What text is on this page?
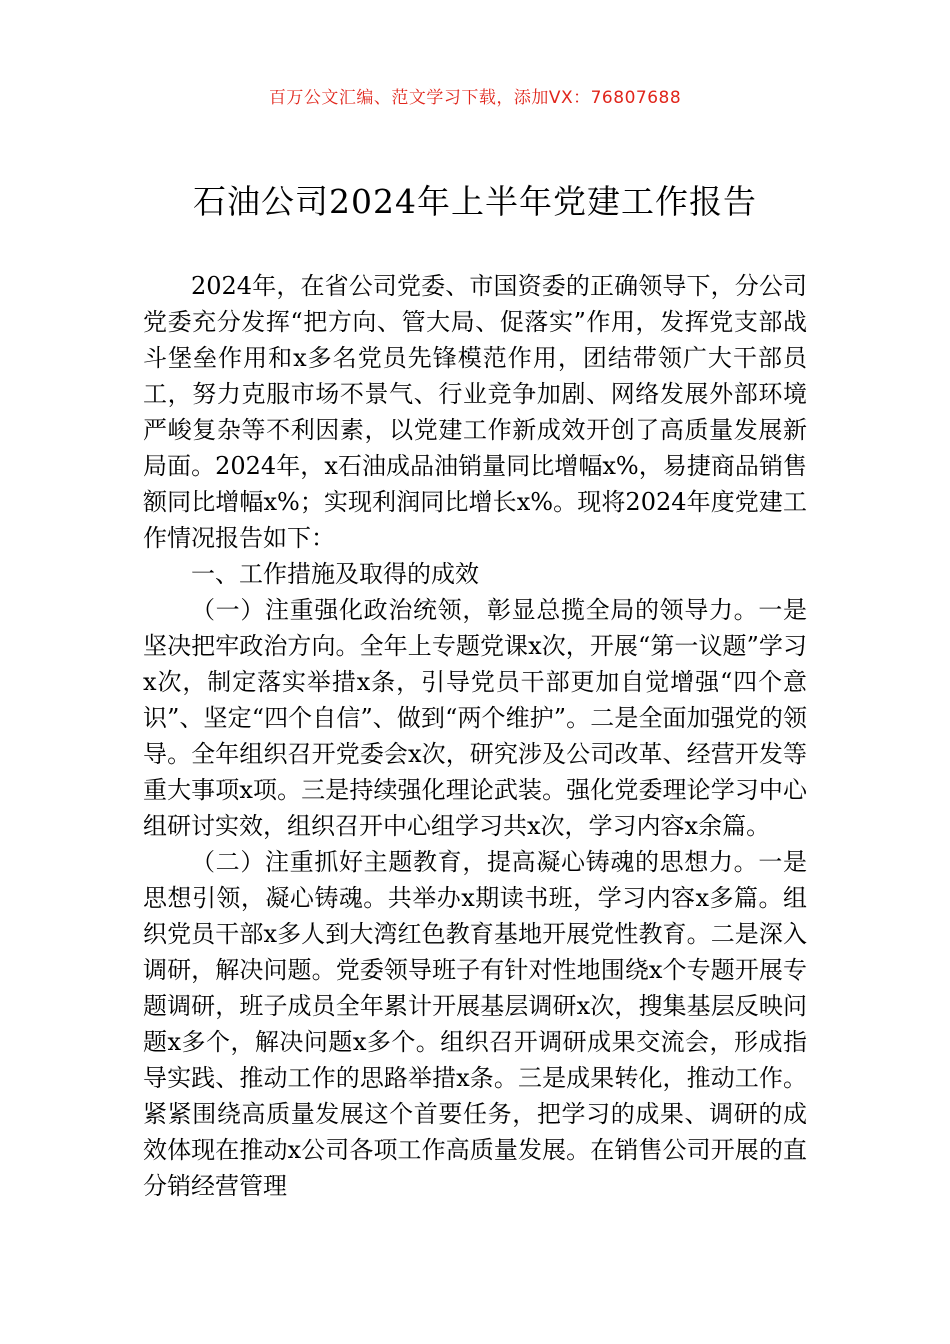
百万公文汇编、范文学习下载，添加VX：76807688
石油公司2024年上半年党建工作报告

2024年，在省公司党委、市国资委的正确领导下，分公司党委充分发挥“把方向、管大局、促落实”作用，发挥党支部战斗堡垒作用和x多名党员先锋模范作用，团结带领广大干部员工，努力克服市场不景气、行业竞争加剧、网络发展外部环境严峻复杂等不利因素，以党建工作新成效开创了高质量发展新局面。2024年，x石油成品油销量同比增幅x%，易捷商品销售额同比增幅x%；实现利润同比增长x%。现将2024年度党建工作情况报告如下：

一、工作措施及取得的成效

（一）注重强化政治统领，彰显总揽全局的领导力。一是坚决把牢政治方向。全年上专题党课x次，开展“第一议题”学习x次，制定落实举措x条，引导党员干部更加自觉增强“四个意识”、坚定“四个自信”、做到“两个维护”。二是全面加强党的领导。全年组织召开党委会x次，研究涉及公司改革、经营开发等重大事项x项。三是持续强化理论武装。强化党委理论学习中心组研讨实效，组织召开中心组学习共x次，学习内容x余篇。

（二）注重抓好主题教育，提高凝心铸魂的思想力。一是思想引领，凝心铸魂。共举办x期读书班，学习内容x多篇。组织党员干部x多人到大湾红色教育基地开展党性教育。二是深入调研，解决问题。党委领导班子有针对性地围绕x个专题开展专题调研，班子成员全年累计开展基层调研x次，搜集基层反映问题x多个，解决问题x多个。组织召开调研成果交流会，形成指导实践、推动工作的思路举措x条。三是成果转化，推动工作。紧紧围绕高质量发展这个首要任务，把学习的成果、调研的成效体现在推动x公司各项工作高质量发展。在销售公司开展的直分销经营管理
